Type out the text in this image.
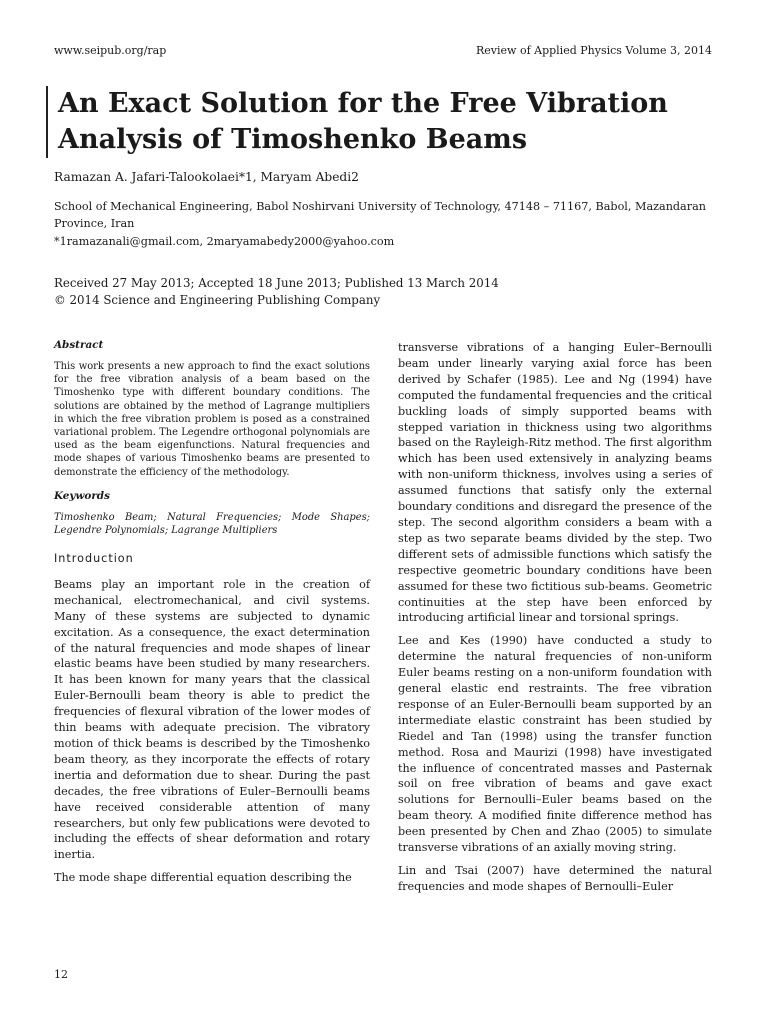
www.seipub.org/rap	Review of Applied Physics Volume 3, 2014
An Exact Solution for the Free Vibration
Analysis of Timoshenko Beams
Ramazan A. Jafari-Talookolaei*1, Maryam Abedi2
School of Mechanical Engineering, Babol Noshirvani University of Technology, 47148 – 71167, Babol, Mazandaran Province, Iran
*1ramazanali@gmail.com, 2maryamabedy2000@yahoo.com
Received 27 May 2013; Accepted 18 June 2013; Published 13 March 2014
© 2014 Science and Engineering Publishing Company

Abstract

This work presents a new approach to find the exact solutions for the free vibration analysis of a beam based on the Timoshenko type with different boundary conditions. The solutions are obtained by the method of Lagrange multipliers in which the free vibration problem is posed as a constrained variational problem. The Legendre orthogonal polynomials are used as the beam eigenfunctions. Natural frequencies and mode shapes of various Timoshenko beams are presented to demonstrate the efficiency of the methodology.

Keywords

Timoshenko Beam; Natural Frequencies; Mode Shapes; Legendre Polynomials; Lagrange Multipliers

Introduction

Beams play an important role in the creation of mechanical, electromechanical, and civil systems. Many of these systems are subjected to dynamic excitation. As a consequence, the exact determination of the natural frequencies and mode shapes of linear elastic beams have been studied by many researchers. It has been known for many years that the classical Euler-Bernoulli beam theory is able to predict the frequencies of flexural vibration of the lower modes of thin beams with adequate precision. The vibratory motion of thick beams is described by the Timoshenko beam theory, as they incorporate the effects of rotary inertia and deformation due to shear. During the past decades, the free vibrations of Euler–Bernoulli beams have received considerable attention of many researchers, but only few publications were devoted to including the effects of shear deformation and rotary inertia.

The mode shape differential equation describing the

transverse vibrations of a hanging Euler–Bernoulli beam under linearly varying axial force has been derived by Schafer (1985). Lee and Ng (1994) have computed the fundamental frequencies and the critical buckling loads of simply supported beams with stepped variation in thickness using two algorithms based on the Rayleigh-Ritz method. The first algorithm which has been used extensively in analyzing beams with non-uniform thickness, involves using a series of assumed functions that satisfy only the external boundary conditions and disregard the presence of the step. The second algorithm considers a beam with a step as two separate beams divided by the step. Two different sets of admissible functions which satisfy the respective geometric boundary conditions have been assumed for these two fictitious sub-beams. Geometric continuities at the step have been enforced by introducing artificial linear and torsional springs.

Lee and Kes (1990) have conducted a study to determine the natural frequencies of non-uniform Euler beams resting on a non-uniform foundation with general elastic end restraints. The free vibration response of an Euler-Bernoulli beam supported by an intermediate elastic constraint has been studied by Riedel and Tan (1998) using the transfer function method. Rosa and Maurizi (1998) have investigated the influence of concentrated masses and Pasternak soil on free vibration of beams and gave exact solutions for Bernoulli–Euler beams based on the beam theory. A modified finite difference method has been presented by Chen and Zhao (2005) to simulate transverse vibrations of an axially moving string.

Lin and Tsai (2007) have determined the natural frequencies and mode shapes of Bernoulli–Euler

12
